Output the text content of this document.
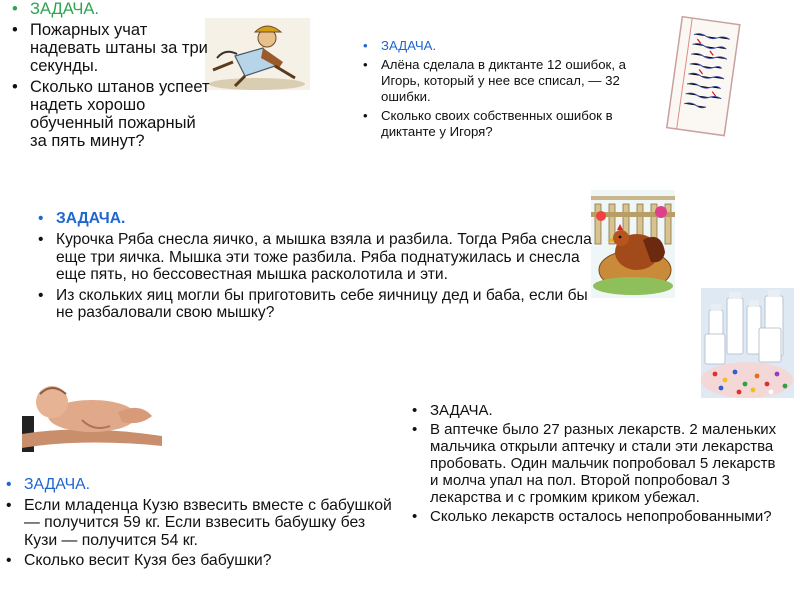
• ЗАДАЧА.
• Пожарных учат надевать штаны за три секунды.
• Сколько штанов успеет надеть хорошо обученный пожарный за пять минут?
• ЗАДАЧА.
• Алёна сделала в диктанте 12 ошибок, а Игорь, который у нее все списал, — 32 ошибки.
• Сколько своих собственных ошибок в диктанте у Игоря?
• ЗАДАЧА.
• Курочка Ряба снесла яичко, а мышка взяла и разбила. Тогда Ряба снесла еще три яичка. Мышка эти тоже разбила. Ряба поднатужилась и снесла еще пять, но бессовестная мышка расколотила и эти.
• Из скольких яиц могли бы приготовить себе яичницу дед и баба, если бы не разбаловали свою мышку?
• ЗАДАЧА.
• В аптечке было 27 разных лекарств. 2 маленьких мальчика открыли аптечку и стали эти лекарства пробовать. Один мальчик попробовал 5 лекарств и молча упал на пол. Второй попробовал 3 лекарства и с громким криком убежал.
• Сколько лекарств осталось непопробованными?
• ЗАДАЧА.
• Если младенца Кузю взвесить вместе с бабушкой — получится 59 кг. Если взвесить бабушку без Кузи — получится 54 кг.
• Сколько весит Кузя без бабушки?
